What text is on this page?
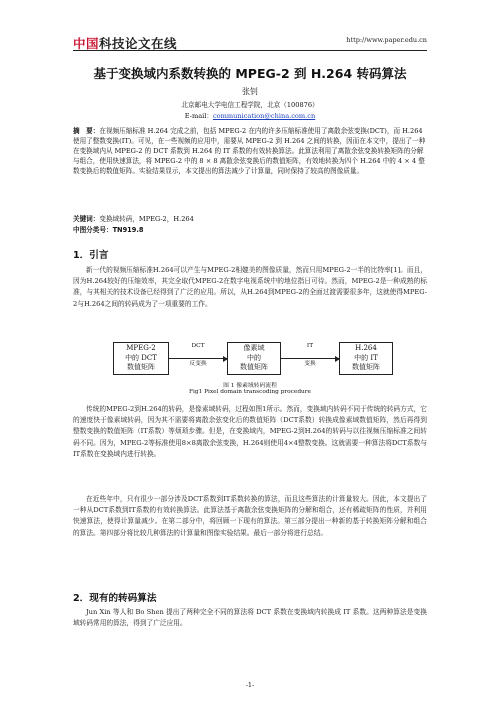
中国科技论文在线	http://www.paper.edu.cn
基于变换域内系数转换的 MPEG-2 到 H.264 转码算法
张钊
北京邮电大学电信工程学院，北京（100876）
E-mail：communication@china.com.cn
摘　要：在视频压缩标准 H.264 完成之前，包括 MPEG-2 在内的许多压缩标准使用了离散余弦变换(DCT)，而 H.264 使用了整数变换(IT)。可见，在一些视频的应用中，需要从 MPEG-2 到 H.264 之间的转换，因而在本文中，提出了一种在变换域内从 MPEG-2 的 DCT 系数到 H.264 的 IT 系数的有效转换算法。此算法利用了离散余弦变换转换矩阵的分解与组合，使用快速算法，将 MPEG-2 中的 8 × 8 离散余弦变换后的数值矩阵，有效地转换为四个 H.264 中的 4 × 4 整数变换后的数值矩阵。实验结果显示，本文提出的算法减少了计算量，同时保持了较高的图像质量。
关键词：变换域转码，MPEG-2，H.264
中图分类号：TN919.8
1．引言
新一代的视频压缩标准H.264可以产生与MPEG-2相媲美的图像质量，然而只用MPEG-2一半的比特率[1]。而且，因为H.264较好的压缩效率，其完全取代MPEG-2在数字电视系统中的地位指日可待。然而，MPEG-2是一种成熟的标准，与其相关的技术设备已经得到了广泛的应用。所以，从H.264到MPEG-2的全面过渡需要很多年，这就使得MPEG-2与H.264之间的转码成为了一项重要的工作。
MPEG-2
中的 DCT
数值矩阵
DCT
反变换
像素域
中的
数值矩阵
IT
变换
H.264
中的 IT
数值矩阵
图 1 像素域转码流程
Fig1 Pixel domain transcoding procedure
传统的MPEG-2到H.264的转码，是像素域转码，过程如图1所示。然而，变换域内转码不同于传统的转码方式，它的速度快于像素域转码，因为其不需要将离散余弦变化后的数值矩阵（DCT系数）转换成像素域数值矩阵，然后再得到整数变换的数值矩阵（IT系数）等烦琐步骤。但是，在变换域内，MPEG-2到H.264的转码与以往视频压缩标准之间转码不同。因为，MPEG-2等标准使用8×8离散余弦变换，H.264则使用4×4整数变换。这就需要一种算法将DCT系数与IT系数在变换域内进行转换。
在近些年中，只有很少一部分涉及DCT系数到IT系数转换的算法，而且这些算法的计算量较大。因此，本文提出了一种从DCT系数到IT系数的有效转换算法。此算法基于离散余弦变换矩阵的分解和组合，还有稀疏矩阵的性质，并利用快速算法，使得计算量减少。在第二部分中，将回顾一下现有的算法。第三部分提出一种新的基于转换矩阵分解和组合的算法。第四部分将比较几种算法的计算量和图像实验结果。最后一部分将进行总结。
2．现有的转码算法
Jun Xin 等人和 Bo Shen 提出了两种完全不同的算法将 DCT 系数在变换域内转换成 IT 系数。这两种算法是变换域转码常用的算法，得到了广泛应用。
-1-
